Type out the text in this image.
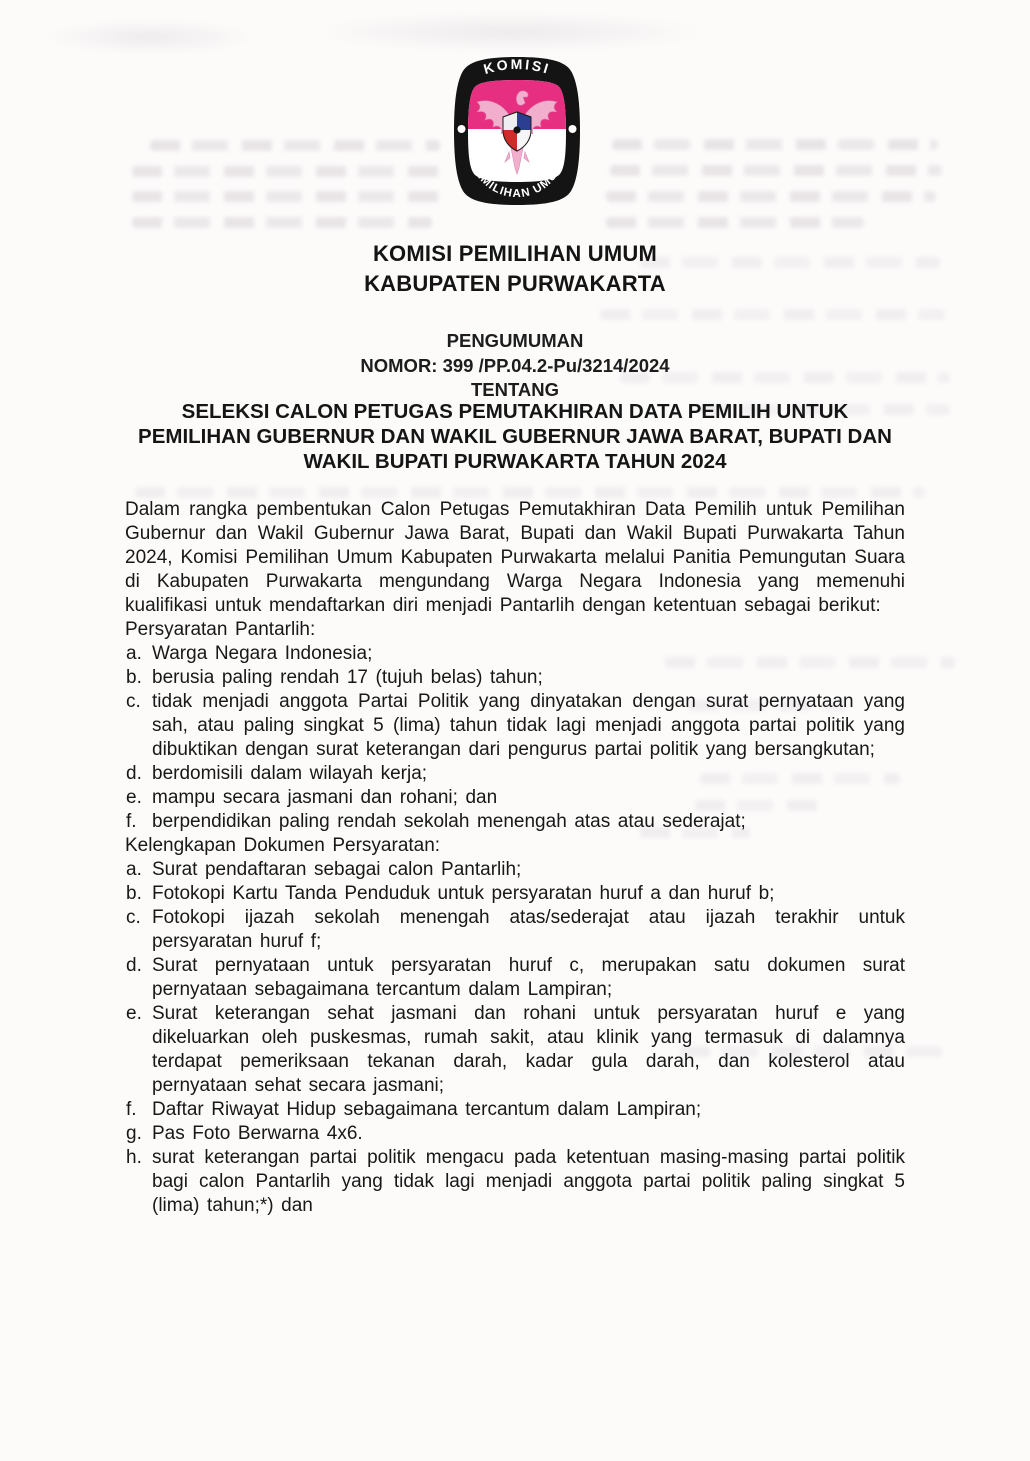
KOMISI
PEMILIHAN UMUM
KOMISI PEMILIHAN UMUM
KABUPATEN PURWAKARTA
PENGUMUMAN
NOMOR: 399 /PP.04.2-Pu/3214/2024
TENTANG
SELEKSI CALON PETUGAS PEMUTAKHIRAN DATA PEMILIH UNTUK
PEMILIHAN GUBERNUR DAN WAKIL GUBERNUR JAWA BARAT, BUPATI DAN
WAKIL BUPATI PURWAKARTA TAHUN 2024

Dalam rangka pembentukan Calon Petugas Pemutakhiran Data Pemilih untuk Pemilihan Gubernur dan Wakil Gubernur Jawa Barat, Bupati dan Wakil Bupati Purwakarta Tahun 2024, Komisi Pemilihan Umum Kabupaten Purwakarta melalui Panitia Pemungutan Suara di Kabupaten Purwakarta mengundang Warga Negara Indonesia yang memenuhi kualifikasi untuk mendaftarkan diri menjadi Pantarlih dengan ketentuan sebagai berikut:

Persyaratan Pantarlih:

a. Warga Negara Indonesia;
b. berusia paling rendah 17 (tujuh belas) tahun;
c. tidak menjadi anggota Partai Politik yang dinyatakan dengan surat pernyataan yang sah, atau paling singkat 5 (lima) tahun tidak lagi menjadi anggota partai politik yang dibuktikan dengan surat keterangan dari pengurus partai politik yang bersangkutan;
d. berdomisili dalam wilayah kerja;
e. mampu secara jasmani dan rohani; dan
f. berpendidikan paling rendah sekolah menengah atas atau sederajat;

Kelengkapan Dokumen Persyaratan:

a. Surat pendaftaran sebagai calon Pantarlih;
b. Fotokopi Kartu Tanda Penduduk untuk persyaratan huruf a dan huruf b;
c. Fotokopi ijazah sekolah menengah atas/sederajat atau ijazah terakhir untuk persyaratan huruf f;
d. Surat pernyataan untuk persyaratan huruf c, merupakan satu dokumen surat pernyataan sebagaimana tercantum dalam Lampiran;
e. Surat keterangan sehat jasmani dan rohani untuk persyaratan huruf e yang dikeluarkan oleh puskesmas, rumah sakit, atau klinik yang termasuk di dalamnya terdapat pemeriksaan tekanan darah, kadar gula darah, dan kolesterol atau pernyataan sehat secara jasmani;
f. Daftar Riwayat Hidup sebagaimana tercantum dalam Lampiran;
g. Pas Foto Berwarna 4x6.
h. surat keterangan partai politik mengacu pada ketentuan masing-masing partai politik bagi calon Pantarlih yang tidak lagi menjadi anggota partai politik paling singkat 5 (lima) tahun;*) dan
